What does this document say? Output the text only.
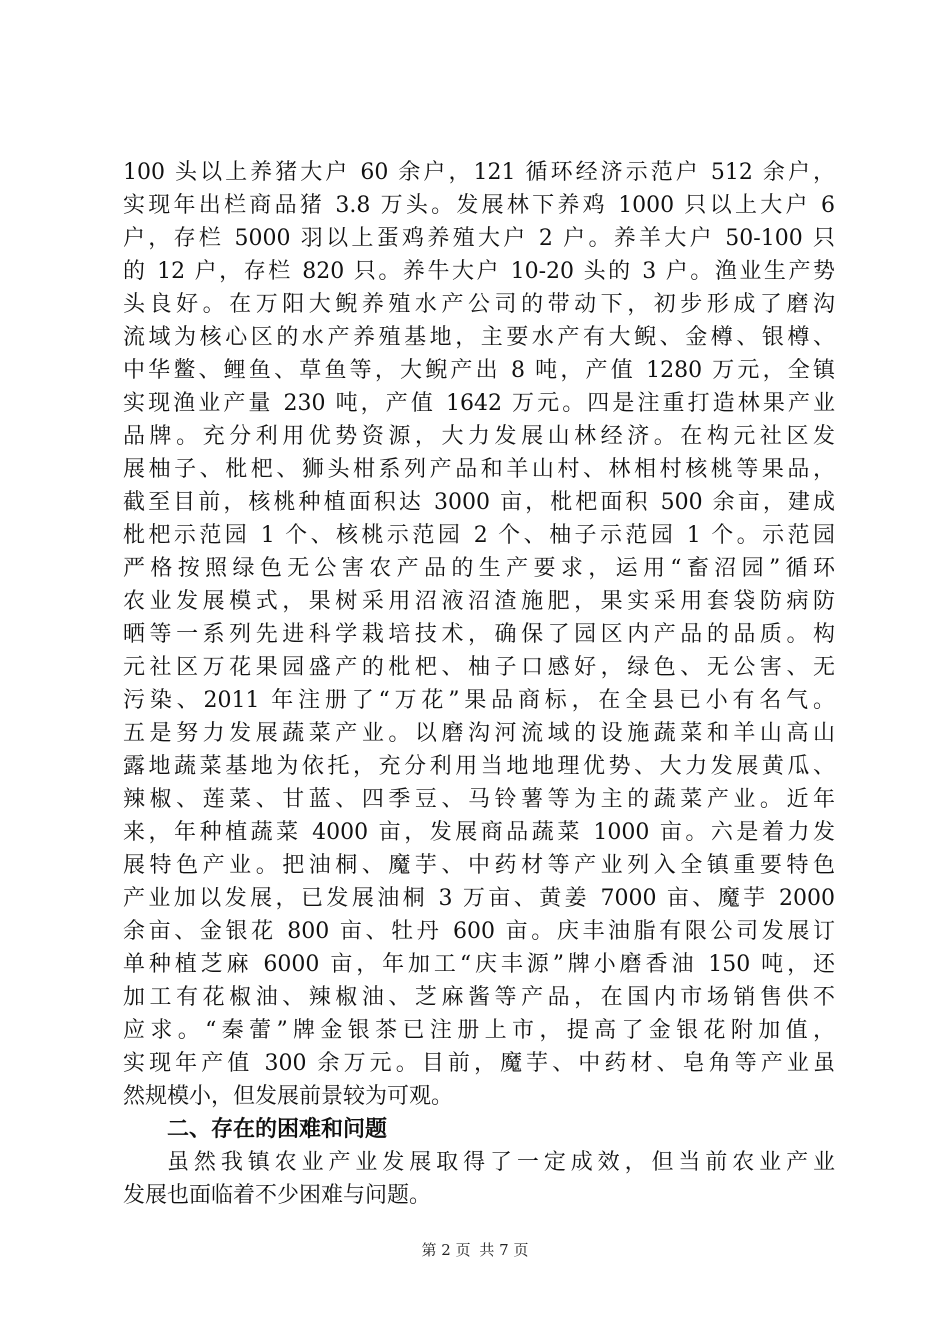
100 头以上养猪大户 60 余户，121 循环经济示范户 512 余户，
实现年出栏商品猪 3.8 万头。发展林下养鸡 1000 只以上大户 6
户，存栏 5000 羽以上蛋鸡养殖大户 2 户。养羊大户 50-100 只
的 12 户，存栏 820 只。养牛大户 10-20 头的 3 户。渔业生产势
头良好。在万阳大鲵养殖水产公司的带动下，初步形成了磨沟
流域为核心区的水产养殖基地，主要水产有大鲵、金樽、银樽、
中华鳖、鲤鱼、草鱼等，大鲵产出 8 吨，产值 1280 万元，全镇
实现渔业产量 230 吨，产值 1642 万元。四是注重打造林果产业
品牌。充分利用优势资源，大力发展山林经济。在构元社区发
展柚子、枇杷、狮头柑系列产品和羊山村、林相村核桃等果品，
截至目前，核桃种植面积达 3000 亩，枇杷面积 500 余亩，建成
枇杷示范园 1 个、核桃示范园 2 个、柚子示范园 1 个。示范园
严格按照绿色无公害农产品的生产要求，运用“畜沼园”循环
农业发展模式，果树采用沼液沼渣施肥，果实采用套袋防病防
晒等一系列先进科学栽培技术，确保了园区内产品的品质。构
元社区万花果园盛产的枇杷、柚子口感好，绿色、无公害、无
污染、2011 年注册了“万花”果品商标，在全县已小有名气。
五是努力发展蔬菜产业。以磨沟河流域的设施蔬菜和羊山高山
露地蔬菜基地为依托，充分利用当地地理优势、大力发展黄瓜、
辣椒、莲菜、甘蓝、四季豆、马铃薯等为主的蔬菜产业。近年
来，年种植蔬菜 4000 亩，发展商品蔬菜 1000 亩。六是着力发
展特色产业。把油桐、魔芋、中药材等产业列入全镇重要特色
产业加以发展，已发展油桐 3 万亩、黄姜 7000 亩、魔芋 2000
余亩、金银花 800 亩、牡丹 600 亩。庆丰油脂有限公司发展订
单种植芝麻 6000 亩，年加工“庆丰源”牌小磨香油 150 吨，还
加工有花椒油、辣椒油、芝麻酱等产品，在国内市场销售供不
应求。“秦蕾”牌金银茶已注册上市，提高了金银花附加值，
实现年产值 300 余万元。目前，魔芋、中药材、皂角等产业虽
然规模小，但发展前景较为可观。
二、存在的困难和问题
虽然我镇农业产业发展取得了一定成效，但当前农业产业
发展也面临着不少困难与问题。
第 2 页 共 7 页
